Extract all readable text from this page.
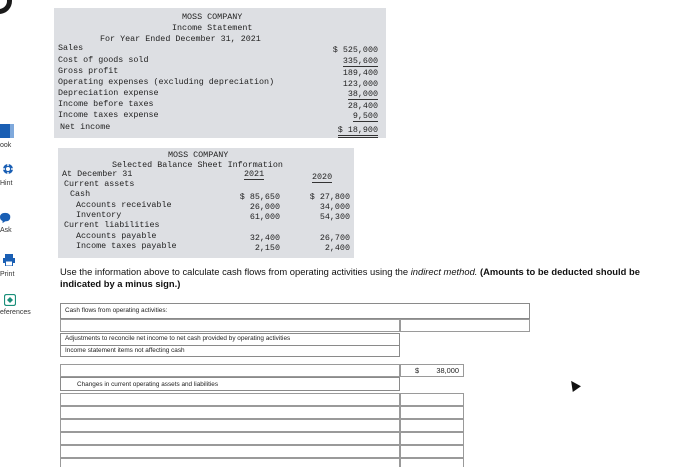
ook
Hint
Ask
Print
eferences
MOSS COMPANY
Income Statement
For Year Ended December 31, 2021
Sales	$ 525,000
Cost of goods sold	335,600
Gross profit	189,400
Operating expenses (excluding depreciation)	123,000
Depreciation expense	38,000
Income before taxes	28,400
Income taxes expense	9,500
Net income	$ 18,900
MOSS COMPANY
Selected Balance Sheet Information
At December 31	2021	2020
Current assets
Cash	$ 85,650	$ 27,800
Accounts receivable	26,000	34,000
Inventory	61,000	54,300
Current liabilities
Accounts payable	32,400	26,700
Income taxes payable	2,150	2,400
Use the information above to calculate cash flows from operating activities using the indirect method. (Amounts to be deducted should be indicated by a minus sign.)
Cash flows from operating activities:
Adjustments to reconcile net income to net cash provided by operating activities
Income statement items not affecting cash
$ 38,000
Changes in current operating assets and liabilities
